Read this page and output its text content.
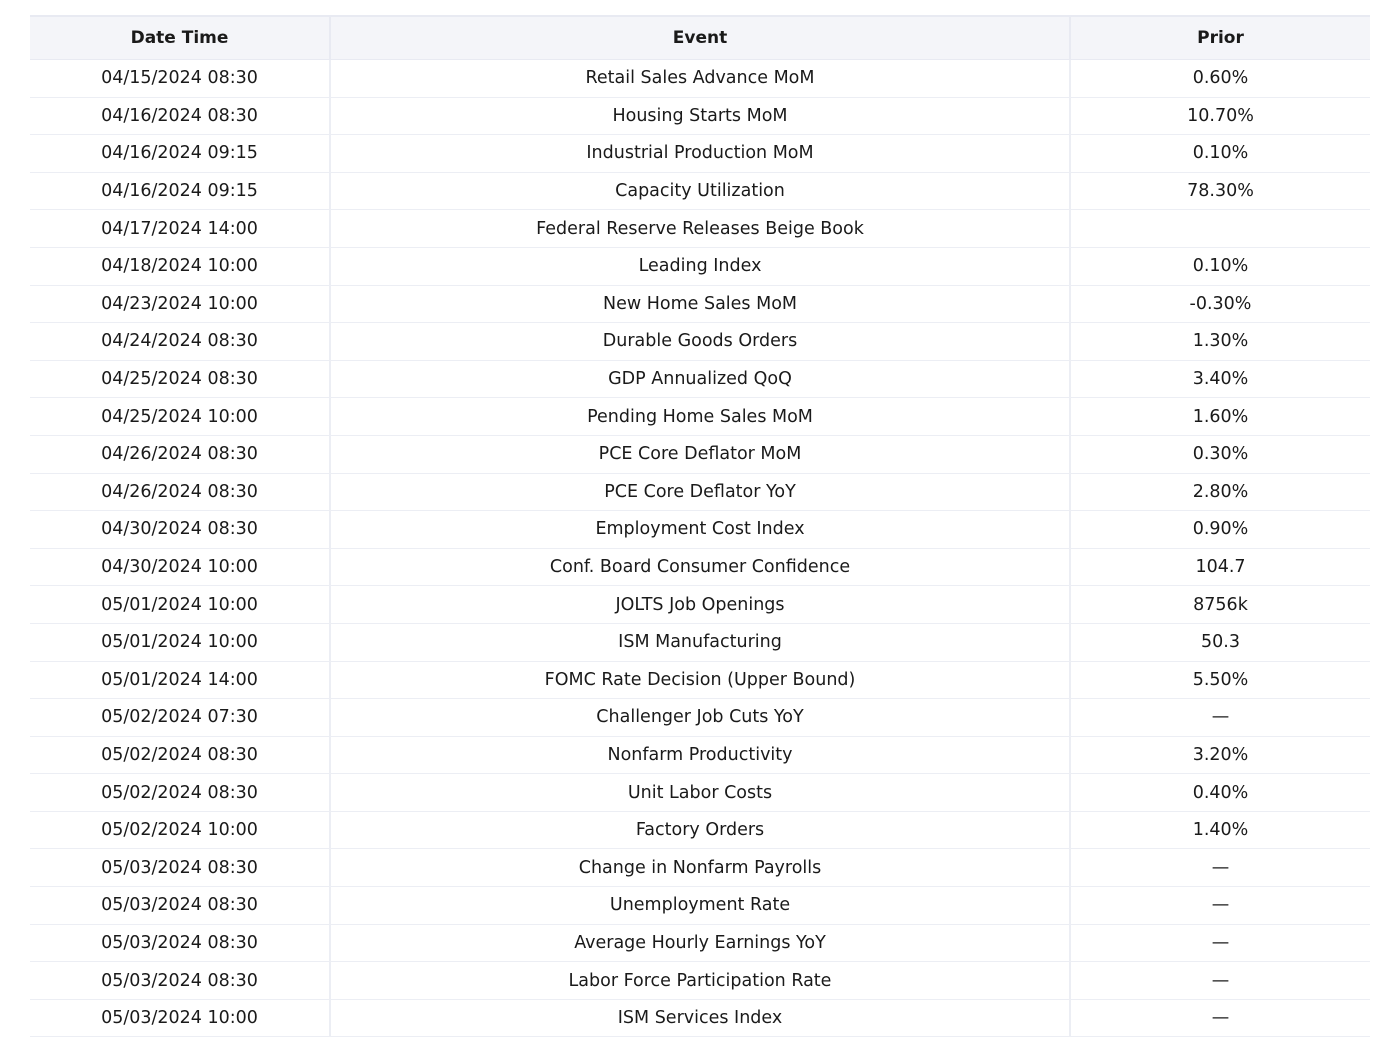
Date Time	Event	Prior
04/15/2024 08:30	Retail Sales Advance MoM	0.60%
04/16/2024 08:30	Housing Starts MoM	10.70%
04/16/2024 09:15	Industrial Production MoM	0.10%
04/16/2024 09:15	Capacity Utilization	78.30%
04/17/2024 14:00	Federal Reserve Releases Beige Book	
04/18/2024 10:00	Leading Index	0.10%
04/23/2024 10:00	New Home Sales MoM	-0.30%
04/24/2024 08:30	Durable Goods Orders	1.30%
04/25/2024 08:30	GDP Annualized QoQ	3.40%
04/25/2024 10:00	Pending Home Sales MoM	1.60%
04/26/2024 08:30	PCE Core Deflator MoM	0.30%
04/26/2024 08:30	PCE Core Deflator YoY	2.80%
04/30/2024 08:30	Employment Cost Index	0.90%
04/30/2024 10:00	Conf. Board Consumer Confidence	104.7
05/01/2024 10:00	JOLTS Job Openings	8756k
05/01/2024 10:00	ISM Manufacturing	50.3
05/01/2024 14:00	FOMC Rate Decision (Upper Bound)	5.50%
05/02/2024 07:30	Challenger Job Cuts YoY	—
05/02/2024 08:30	Nonfarm Productivity	3.20%
05/02/2024 08:30	Unit Labor Costs	0.40%
05/02/2024 10:00	Factory Orders	1.40%
05/03/2024 08:30	Change in Nonfarm Payrolls	—
05/03/2024 08:30	Unemployment Rate	—
05/03/2024 08:30	Average Hourly Earnings YoY	—
05/03/2024 08:30	Labor Force Participation Rate	—
05/03/2024 10:00	ISM Services Index	—
